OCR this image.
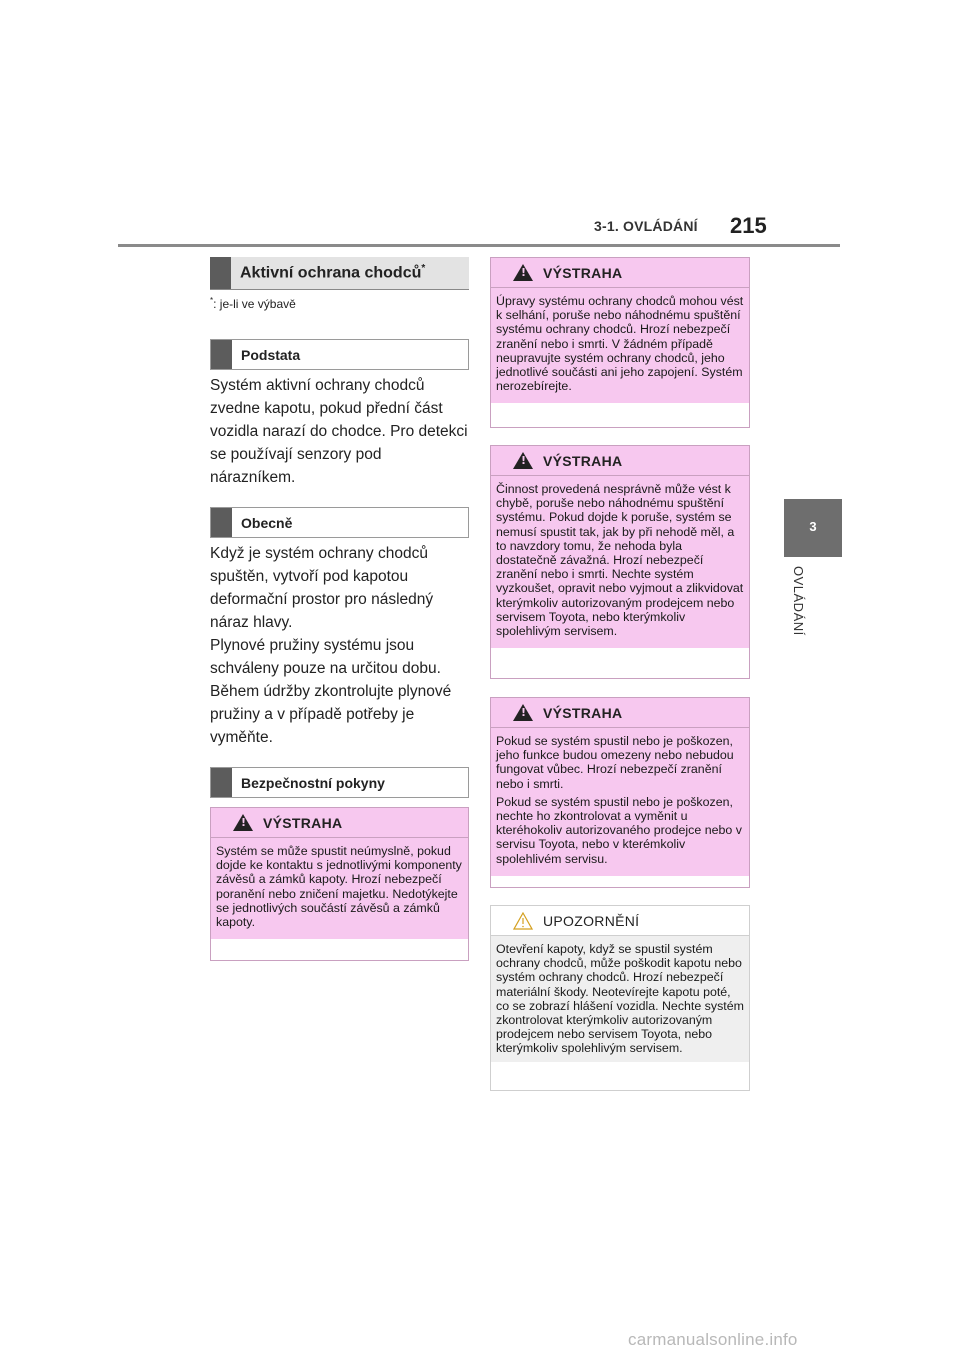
3-1. OVLÁDÁNÍ 215
3
OVLÁDÁNÍ
Aktivní ochrana chodců*
*: je-li ve výbavě
Podstata

Systém aktivní ochrany chodců zvedne kapotu, pokud přední část vozidla narazí do chodce. Pro detekci se používají senzory pod nárazníkem.

Obecně

Když je systém ochrany chodců spuštěn, vytvoří pod kapotou deformační prostor pro následný náraz hlavy.

Plynové pružiny systému jsou schváleny pouze na určitou dobu. Během údržby zkontrolujte plynové pružiny a v případě potřeby je vyměňte.

Bezpečnostní pokyny
!
VÝSTRAHA

Systém se může spustit neúmyslně, pokud dojde ke kontaktu s jednotlivými komponenty závěsů a zámků kapoty. Hrozí nebezpečí poranění nebo zničení majetku. Nedotýkejte se jednotlivých součástí závěsů a zámků kapoty.

!
VÝSTRAHA

Úpravy systému ochrany chodců mohou vést k selhání, poruše nebo náhodnému spuštění systému ochrany chodců. Hrozí nebezpečí zranění nebo i smrti. V žádném případě neupravujte systém ochrany chodců, jeho jednotlivé součásti ani jeho zapojení. Systém nerozebírejte.

!
VÝSTRAHA

Činnost provedená nesprávně může vést k chybě, poruše nebo náhodnému spuštění systému. Pokud dojde k poruše, systém se nemusí spustit tak, jak by při nehodě měl, a to navzdory tomu, že nehoda byla dostatečně závažná. Hrozí nebezpečí zranění nebo i smrti. Nechte systém vyzkoušet, opravit nebo vyjmout a zlikvidovat kterýmkoliv autorizovaným prodejcem nebo servisem Toyota, nebo kterýmkoliv spolehlivým servisem.

!
VÝSTRAHA

Pokud se systém spustil nebo je poškozen, jeho funkce budou omezeny nebo nebudou fungovat vůbec. Hrozí nebezpečí zranění nebo i smrti.

Pokud se systém spustil nebo je poškozen, nechte ho zkontrolovat a vyměnit u kteréhokoliv autorizovaného prodejce nebo v servisu Toyota, nebo v kterémkoliv spolehlivém servisu.

UPOZORNĚNÍ

Otevření kapoty, když se spustil systém ochrany chodců, může poškodit kapotu nebo systém ochrany chodců. Hrozí nebezpečí materiální škody. Neotevírejte kapotu poté, co se zobrazí hlášení vozidla. Nechte systém zkontrolovat kterýmkoliv autorizovaným prodejcem nebo servisem Toyota, nebo kterýmkoliv spolehlivým servisem.

carmanualsonline.info
